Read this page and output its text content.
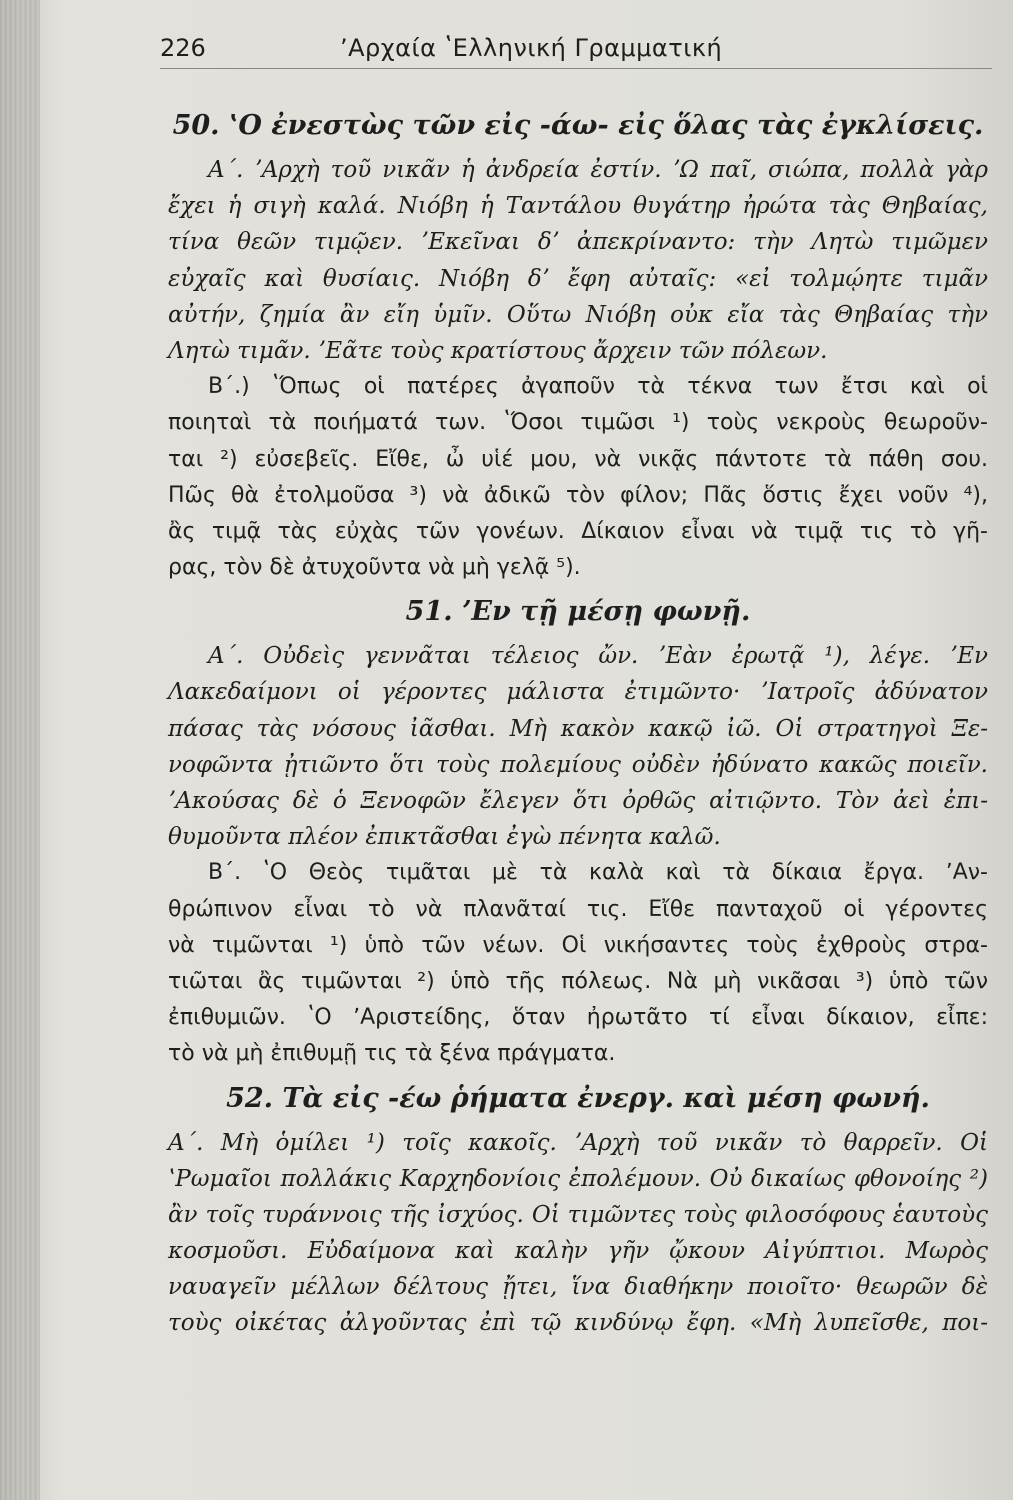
226	ʼΑρχαία ʽΕλληνική Γραμματική
50. ʽΟ ἐνεστὼς τῶν εἰς -άω- εἰς ὅλας τὰς ἐγκλίσεις.
Α΄. ʼΑρχὴ τοῦ νικᾶν ἡ ἀνδρεία ἐστίν. ʼΩ παῖ, σιώπα, πολλὰ γὰρ
ἔχει ἡ σιγὴ καλά. Νιόβη ἡ Ταντάλου θυγάτηρ ἠρώτα τὰς Θηβαίας,
τίνα θεῶν τιμῷεν. ʼΕκεῖναι δʼ ἀπεκρίναντο: τὴν Λητὼ τιμῶμεν
εὐχαῖς καὶ θυσίαις. Νιόβη δʼ ἔφη αὐταῖς: «εἰ τολμῴητε τιμᾶν
αὐτήν, ζημία ἂν εἴη ὑμῖν. Οὕτω Νιόβη οὐκ εἴα τὰς Θηβαίας τὴν
Λητὼ τιμᾶν. ʼΕᾶτε τοὺς κρατίστους ἄρχειν τῶν πόλεων.
Β΄.) ʽΌπως οἱ πατέρες ἀγαποῦν τὰ τέκνα των ἔτσι καὶ οἱ
ποιηταὶ τὰ ποιήματά των. ʽΌσοι τιμῶσι ¹) τοὺς νεκροὺς θεωροῦν-
ται ²) εὐσεβεῖς. Εἴθε, ὦ υἱέ μου, νὰ νικᾷς πάντοτε τὰ πάθη σου.
Πῶς θὰ ἐτολμοῦσα ³) νὰ ἀδικῶ τὸν φίλον; Πᾶς ὅστις ἔχει νοῦν ⁴),
ἂς τιμᾷ τὰς εὐχὰς τῶν γονέων. Δίκαιον εἶναι νὰ τιμᾷ τις τὸ γῆ-
ρας, τὸν δὲ ἀτυχοῦντα νὰ μὴ γελᾷ ⁵).
51. ʼΕν τῇ μέσῃ φωνῇ.
Α΄. Οὐδεὶς γεννᾶται τέλειος ὤν. ʼΕὰν ἐρωτᾷ ¹), λέγε. ʼΕν
Λακεδαίμονι οἱ γέροντες μάλιστα ἐτιμῶντο· ʼΙατροῖς ἀδύνατον
πάσας τὰς νόσους ἰᾶσθαι. Μὴ κακὸν κακῷ ἰῶ. Οἱ στρατηγοὶ Ξε-
νοφῶντα ᾐτιῶντο ὅτι τοὺς πολεμίους οὐδὲν ἠδύνατο κακῶς ποιεῖν.
ʼΑκούσας δὲ ὁ Ξενοφῶν ἔλεγεν ὅτι ὀρθῶς αἰτιῷντο. Τὸν ἀεὶ ἐπι-
θυμοῦντα πλέον ἐπικτᾶσθαι ἐγὼ πένητα καλῶ.
Β΄. ʽΟ Θεὸς τιμᾶται μὲ τὰ καλὰ καὶ τὰ δίκαια ἔργα. ʼΑν-
θρώπινον εἶναι τὸ νὰ πλανᾶταί τις. Εἴθε πανταχοῦ οἱ γέροντες
νὰ τιμῶνται ¹) ὑπὸ τῶν νέων. Οἱ νικήσαντες τοὺς ἐχθροὺς στρα-
τιῶται ἂς τιμῶνται ²) ὑπὸ τῆς πόλεως. Νὰ μὴ νικᾶσαι ³) ὑπὸ τῶν
ἐπιθυμιῶν. ʽΟ ʼΑριστείδης, ὅταν ἠρωτᾶτο τί εἶναι δίκαιον, εἶπε:
τὸ νὰ μὴ ἐπιθυμῇ τις τὰ ξένα πράγματα.
52. Τὰ εἰς -έω ῥήματα ἐνεργ. καὶ μέση φωνή.
Α΄. Μὴ ὁμίλει ¹) τοῖς κακοῖς. ʼΑρχὴ τοῦ νικᾶν τὸ θαρρεῖν. Οἱ
ʽΡωμαῖοι πολλάκις Καρχηδονίοις ἐπολέμουν. Οὐ δικαίως φθονοίης ²)
ἂν τοῖς τυράννοις τῆς ἰσχύος. Οἱ τιμῶντες τοὺς φιλοσόφους ἑαυτοὺς
κοσμοῦσι. Εὐδαίμονα καὶ καλὴν γῆν ᾤκουν Αἰγύπτιοι. Μωρὸς
ναυαγεῖν μέλλων δέλτους ᾔτει, ἵνα διαθήκην ποιοῖτο· θεωρῶν δὲ
τοὺς οἰκέτας ἀλγοῦντας ἐπὶ τῷ κινδύνῳ ἔφη. «Μὴ λυπεῖσθε, ποι-
